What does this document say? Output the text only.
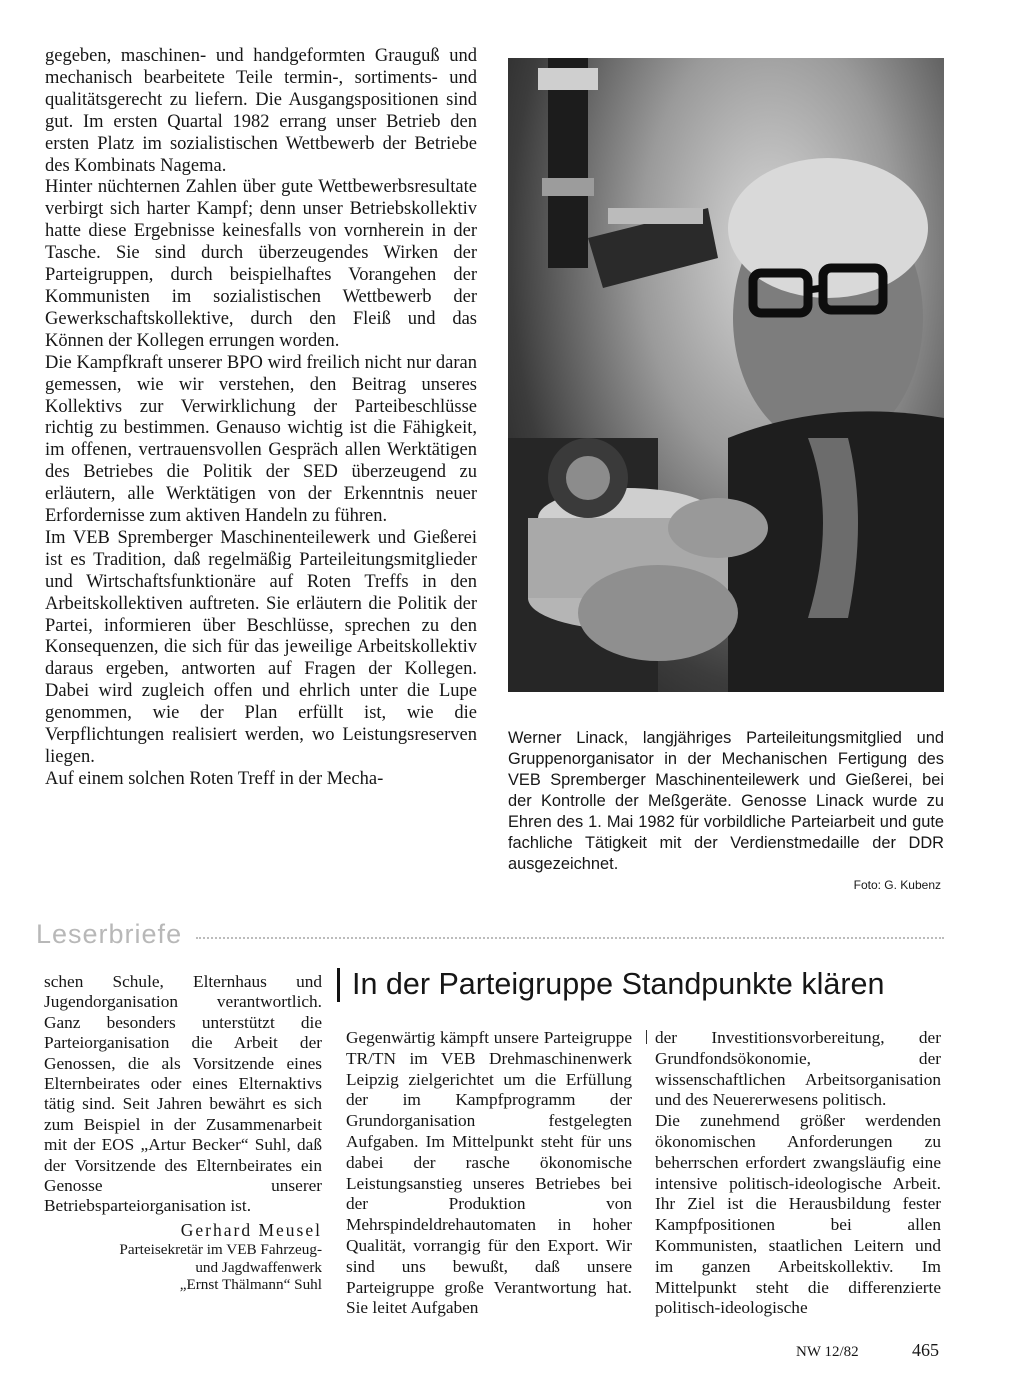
gegeben, maschinen- und handgeformten Grauguß und mechanisch bearbeitete Teile termin-, sortiments- und qualitätsgerecht zu liefern. Die Ausgangspositionen sind gut. Im ersten Quartal 1982 errang unser Betrieb den ersten Platz im sozialistischen Wettbewerb der Betriebe des Kombinats Nagema.

Hinter nüchternen Zahlen über gute Wettbewerbsresultate verbirgt sich harter Kampf; denn unser Betriebskollektiv hatte diese Ergebnisse keinesfalls von vornherein in der Tasche. Sie sind durch überzeugendes Wirken der Parteigruppen, durch beispielhaftes Vorangehen der Kommunisten im sozialistischen Wettbewerb der Gewerkschaftskollektive, durch den Fleiß und das Können der Kollegen errungen worden.

Die Kampfkraft unserer BPO wird freilich nicht nur daran gemessen, wie wir verstehen, den Beitrag unseres Kollektivs zur Verwirklichung der Parteibeschlüsse richtig zu bestimmen. Genauso wichtig ist die Fähigkeit, im offenen, vertrauensvollen Gespräch allen Werktätigen des Betriebes die Politik der SED überzeugend zu erläutern, alle Werktätigen von der Erkenntnis neuer Erfordernisse zum aktiven Handeln zu führen.

Im VEB Spremberger Maschinenteilewerk und Gießerei ist es Tradition, daß regelmäßig Parteileitungsmitglieder und Wirtschaftsfunktionäre auf Roten Treffs in den Arbeitskollektiven auftreten. Sie erläutern die Politik der Partei, informieren über Beschlüsse, sprechen zu den Konsequenzen, die sich für das jeweilige Arbeitskollektiv daraus ergeben, antworten auf Fragen der Kollegen. Dabei wird zugleich offen und ehrlich unter die Lupe genommen, wie der Plan erfüllt ist, wie die Verpflichtungen realisiert werden, wo Leistungsreserven liegen.

Auf einem solchen Roten Treff in der Mecha-

Werner Linack, langjähriges Parteileitungsmitglied und Gruppenorganisator in der Mechanischen Fertigung des VEB Spremberger Maschinenteilewerk und Gießerei, bei der Kontrolle der Meßgeräte. Genosse Linack wurde zu Ehren des 1. Mai 1982 für vorbildliche Parteiarbeit und gute fachliche Tätigkeit mit der Verdienstmedaille der DDR ausgezeichnet.
Foto: G. Kubenz
Leserbriefe
schen Schule, Elternhaus und Jugendorganisation verantwortlich. Ganz besonders unterstützt die Parteiorganisation die Arbeit der Genossen, die als Vorsitzende eines Elternbeirates oder eines Elternaktivs tätig sind. Seit Jahren bewährt es sich zum Beispiel in der Zusammenarbeit mit der EOS „Artur Becker“ Suhl, daß der Vorsitzende des Elternbeirates ein Genosse unserer Betriebsparteiorganisation ist.
Gerhard Meusel
Parteisekretär im VEB Fahrzeug-
und Jagdwaffenwerk
„Ernst Thälmann“ Suhl
In der Parteigruppe Standpunkte klären

Gegenwärtig kämpft unsere Parteigruppe TR/TN im VEB Drehmaschinenwerk Leipzig zielgerichtet um die Erfüllung der im Kampfprogramm der Grundorganisation festgelegten Aufgaben. Im Mittelpunkt steht für uns dabei der rasche ökonomische Leistungsanstieg unseres Betriebes bei der Produktion von Mehrspindeldrehautomaten in hoher Qualität, vorrangig für den Export. Wir sind uns bewußt, daß unsere Parteigruppe große Verantwortung hat. Sie leitet Aufgaben

der Investitionsvorbereitung, der Grundfondsökonomie, der wissenschaftlichen Arbeitsorganisation und des Neuererwesens politisch.

Die zunehmend größer werdenden ökonomischen Anforderungen zu beherrschen erfordert zwangsläufig eine intensive politisch-ideologische Arbeit. Ihr Ziel ist die Herausbildung fester Kampfpositionen bei allen Kommunisten, staatlichen Leitern und im ganzen Arbeitskollektiv. Im Mittelpunkt steht die differenzierte politisch-ideologische

NW 12/82	465
